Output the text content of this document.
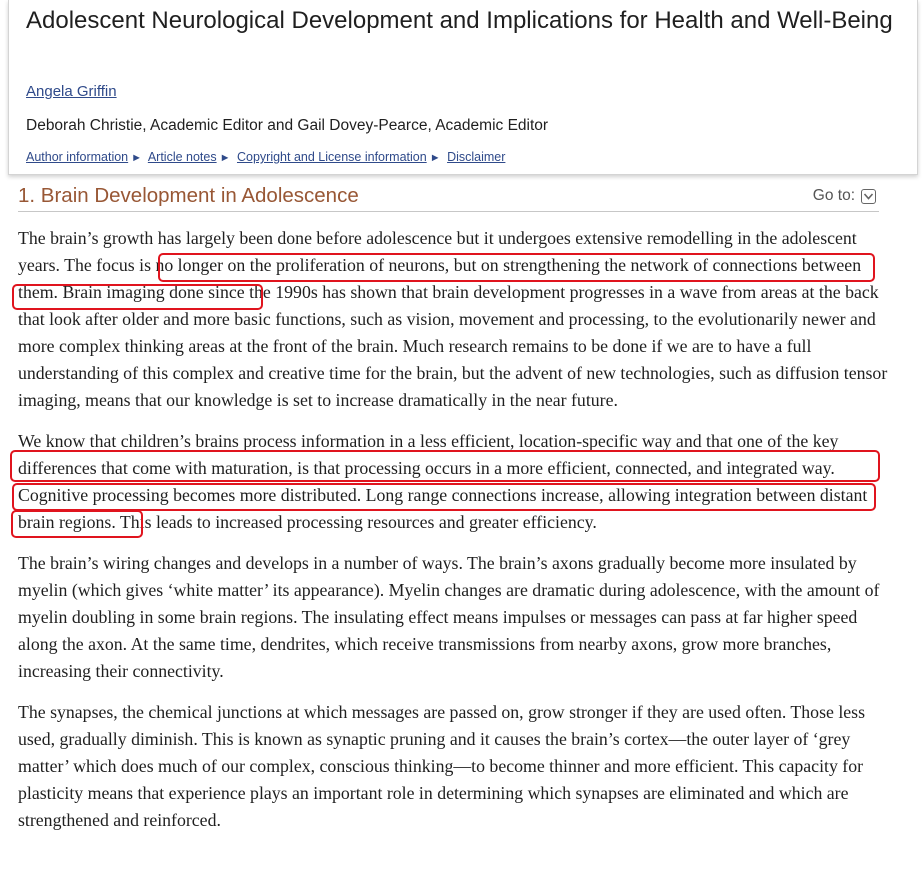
Adolescent Neurological Development and Implications for Health and Well-Being
Angela Griffin
Deborah Christie, Academic Editor and Gail Dovey-Pearce, Academic Editor
Author information ► Article notes ► Copyright and License information ► Disclaimer
1. Brain Development in Adolescence	Go to:

The brain’s growth has largely been done before adolescence but it undergoes extensive remodelling in the adolescent years. The focus is no longer on the proliferation of neurons, but on strengthening the network of connections between them. Brain imaging done since the 1990s has shown that brain development progresses in a wave from areas at the back that look after older and more basic functions, such as vision, movement and processing, to the evolutionarily newer and more complex thinking areas at the front of the brain. Much research remains to be done if we are to have a full understanding of this complex and creative time for the brain, but the advent of new technologies, such as diffusion tensor imaging, means that our knowledge is set to increase dramatically in the near future.

We know that children’s brains process information in a less efficient, location-specific way and that one of the key differences that come with maturation, is that processing occurs in a more efficient, connected, and integrated way. Cognitive processing becomes more distributed. Long range connections increase, allowing integration between distant brain regions. This leads to increased processing resources and greater efficiency.

The brain’s wiring changes and develops in a number of ways. The brain’s axons gradually become more insulated by myelin (which gives ‘white matter’ its appearance). Myelin changes are dramatic during adolescence, with the amount of myelin doubling in some brain regions. The insulating effect means impulses or messages can pass at far higher speed along the axon. At the same time, dendrites, which receive transmissions from nearby axons, grow more branches, increasing their connectivity.

The synapses, the chemical junctions at which messages are passed on, grow stronger if they are used often. Those less used, gradually diminish. This is known as synaptic pruning and it causes the brain’s cortex—the outer layer of ‘grey matter’ which does much of our complex, conscious thinking—to become thinner and more efficient. This capacity for plasticity means that experience plays an important role in determining which synapses are eliminated and which are strengthened and reinforced.
